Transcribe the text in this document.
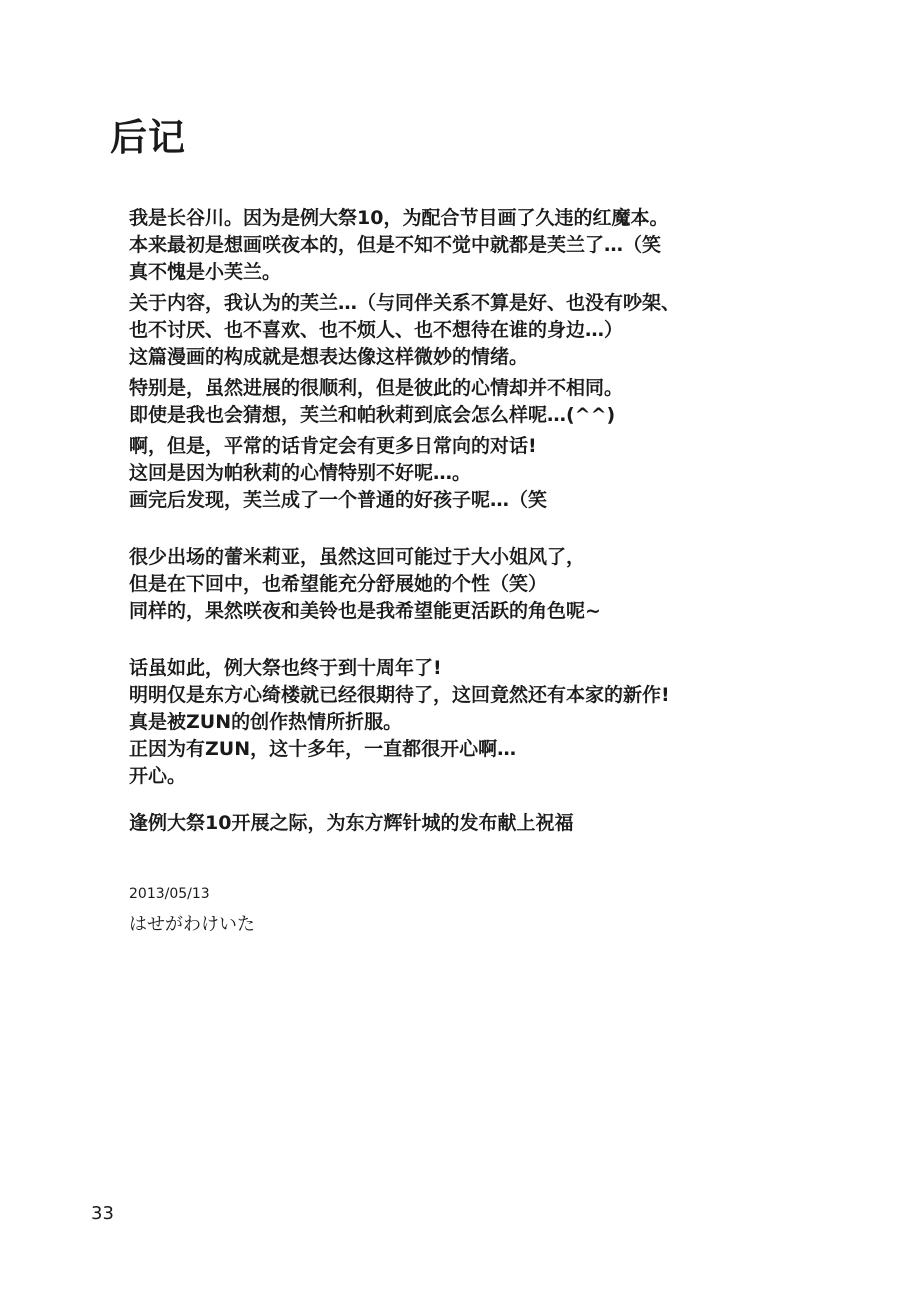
后记
我是长谷川。因为是例大祭10，为配合节目画了久违的红魔本。
本来最初是想画咲夜本的，但是不知不觉中就都是芙兰了…（笑
真不愧是小芙兰。
关于内容，我认为的芙兰…（与同伴关系不算是好、也没有吵架、
也不讨厌、也不喜欢、也不烦人、也不想待在谁的身边…）
这篇漫画的构成就是想表达像这样微妙的情绪。
特别是，虽然进展的很顺利，但是彼此的心情却并不相同。
即使是我也会猜想，芙兰和帕秋莉到底会怎么样呢…(^^)
啊，但是，平常的话肯定会有更多日常向的对话!
这回是因为帕秋莉的心情特别不好呢…。
画完后发现，芙兰成了一个普通的好孩子呢…（笑
很少出场的蕾米莉亚，虽然这回可能过于大小姐风了，
但是在下回中，也希望能充分舒展她的个性（笑）
同样的，果然咲夜和美铃也是我希望能更活跃的角色呢~
话虽如此，例大祭也终于到十周年了!
明明仅是东方心绮楼就已经很期待了，这回竟然还有本家的新作!
真是被ZUN的创作热情所折服。
正因为有ZUN，这十多年，一直都很开心啊…
开心。
逢例大祭10开展之际，为东方辉针城的发布献上祝福
2013/05/13
はせがわけいた
33
